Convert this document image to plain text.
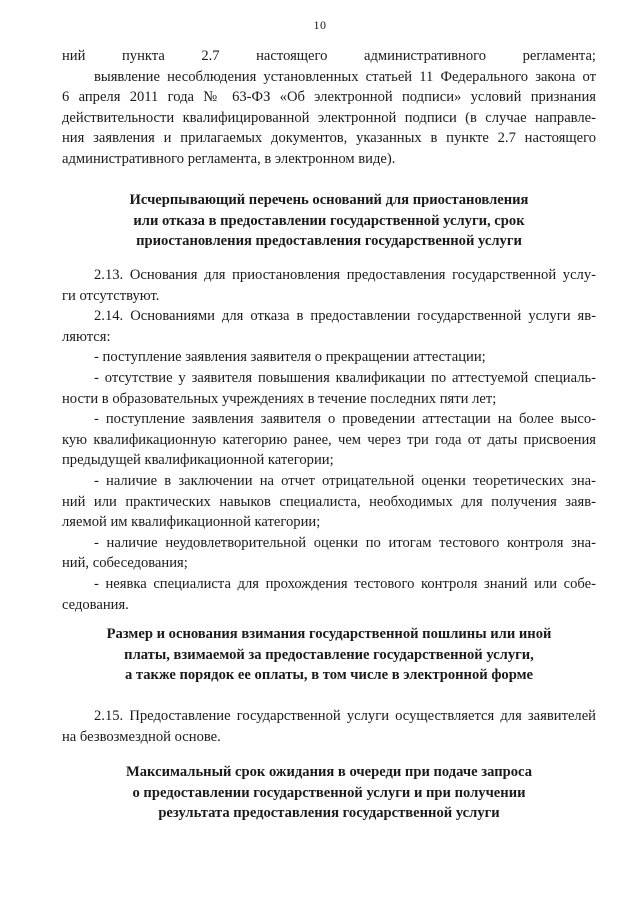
10
ний пункта 2.7 настоящего административного регламента;
выявление несоблюдения установленных статьей 11 Федерального закона от
6 апреля 2011 года № 63-ФЗ «Об электронной подписи» условий признания
действительности квалифицированной электронной подписи (в случае направле-
ния заявления и прилагаемых документов, указанных в пункте 2.7 настоящего
административного регламента, в электронном виде).
Исчерпывающий перечень оснований для приостановления
или отказа в предоставлении государственной услуги, срок
приостановления предоставления государственной услуги
2.13. Основания для приостановления предоставления государственной услу-
ги отсутствуют.
2.14. Основаниями для отказа в предоставлении государственной услуги яв-
ляются:
- поступление заявления заявителя о прекращении аттестации;
- отсутствие у заявителя повышения квалификации по аттестуемой специаль-
ности в образовательных учреждениях в течение последних пяти лет;
- поступление заявления заявителя о проведении аттестации на более высо-
кую квалификационную категорию ранее, чем через три года от даты присвоения
предыдущей квалификационной категории;
- наличие в заключении на отчет отрицательной оценки теоретических зна-
ний или практических навыков специалиста, необходимых для получения заяв-
ляемой им квалификационной категории;
- наличие неудовлетворительной оценки по итогам тестового контроля зна-
ний, собеседования;
- неявка специалиста для прохождения тестового контроля знаний или собе-
седования.
Размер и основания взимания государственной пошлины или иной
платы, взимаемой за предоставление государственной услуги,
а также порядок ее оплаты, в том числе в электронной форме
2.15. Предоставление государственной услуги осуществляется для заявителей
на безвозмездной основе.
Максимальный срок ожидания в очереди при подаче запроса
о предоставлении государственной услуги и при получении
результата предоставления государственной услуги
